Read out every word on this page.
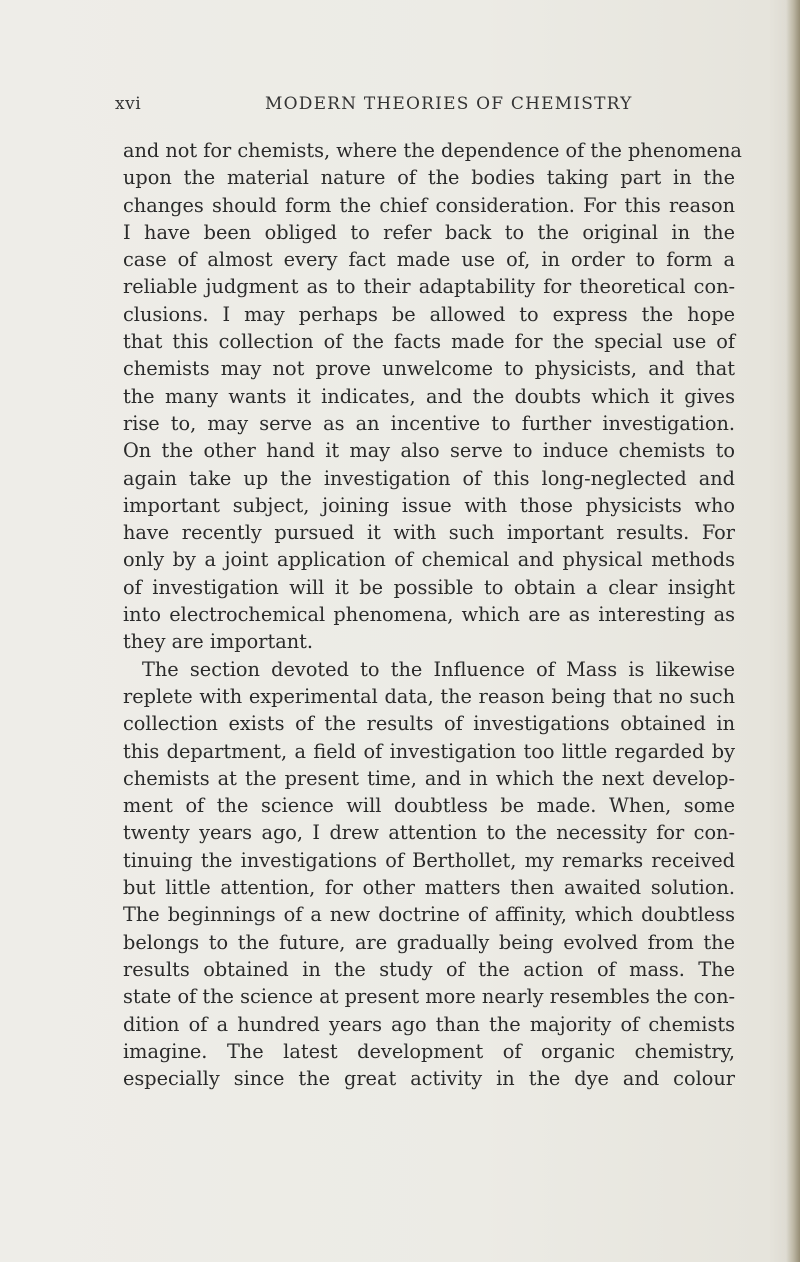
xvi	MODERN THEORIES OF CHEMISTRY
and not for chemists, where the dependence of the phenomena
upon the material nature of the bodies taking part in the
changes should form the chief consideration. For this reason
I have been obliged to refer back to the original in the
case of almost every fact made use of, in order to form a
reliable judgment as to their adaptability for theoretical con-
clusions. I may perhaps be allowed to express the hope
that this collection of the facts made for the special use of
chemists may not prove unwelcome to physicists, and that
the many wants it indicates, and the doubts which it gives
rise to, may serve as an incentive to further investigation.
On the other hand it may also serve to induce chemists to
again take up the investigation of this long-neglected and
important subject, joining issue with those physicists who
have recently pursued it with such important results. For
only by a joint application of chemical and physical methods
of investigation will it be possible to obtain a clear insight
into electrochemical phenomena, which are as interesting as
they are important.
The section devoted to the Influence of Mass is likewise
replete with experimental data, the reason being that no such
collection exists of the results of investigations obtained in
this department, a field of investigation too little regarded by
chemists at the present time, and in which the next develop-
ment of the science will doubtless be made. When, some
twenty years ago, I drew attention to the necessity for con-
tinuing the investigations of Berthollet, my remarks received
but little attention, for other matters then awaited solution.
The beginnings of a new doctrine of affinity, which doubtless
belongs to the future, are gradually being evolved from the
results obtained in the study of the action of mass. The
state of the science at present more nearly resembles the con-
dition of a hundred years ago than the majority of chemists
imagine. The latest development of organic chemistry,
especially since the great activity in the dye and colour
